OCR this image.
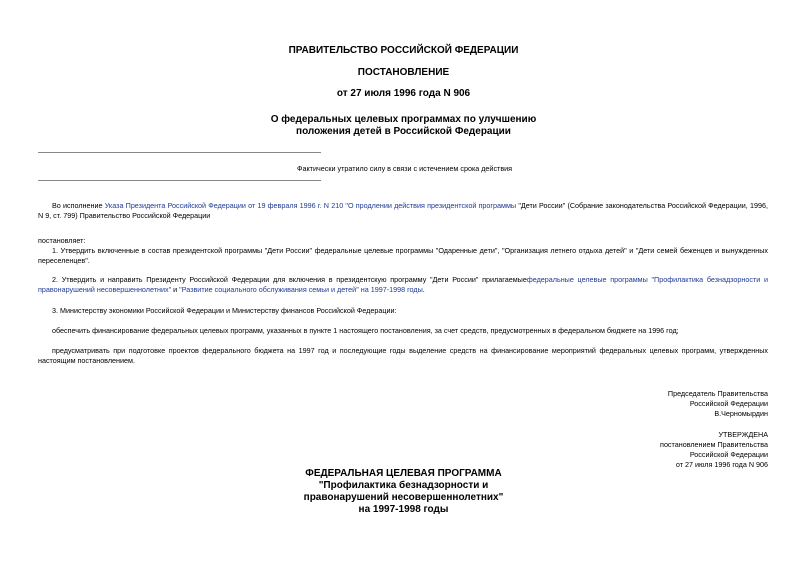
ПРАВИТЕЛЬСТВО РОССИЙСКОЙ ФЕДЕРАЦИИ
ПОСТАНОВЛЕНИЕ
от 27 июля 1996 года N 906
О федеральных целевых программах по улучшению
положения детей в Российской Федерации
Фактически утратило силу в связи с истечением срока действия
Во исполнение Указа Президента Российской Федерации от 19 февраля 1996 г. N 210 "О продлении действия президентской программы "Дети России" (Собрание законодательства Российской Федерации, 1996, N 9, ст. 799) Правительство Российской Федерации
постановляет:
1. Утвердить включенные в состав президентской программы "Дети России" федеральные целевые программы "Одаренные дети", "Организация летнего отдыха детей" и "Дети семей беженцев и вынужденных переселенцев".
2. Утвердить и направить Президенту Российской Федерации для включения в президентскую программу "Дети России" прилагаемыефедеральные целевые программы "Профилактика безнадзорности и правонарушений несовершеннолетних" и "Развитие социального обслуживания семьи и детей" на 1997-1998 годы.
3. Министерству экономики Российской Федерации и Министерству финансов Российской Федерации:
обеспечить финансирование федеральных целевых программ, указанных в пункте 1 настоящего постановления, за счет средств, предусмотренных в федеральном бюджете на 1996 год;
предусматривать при подготовке проектов федерального бюджета на 1997 год и последующие годы выделение средств на финансирование мероприятий федеральных целевых программ, утвержденных настоящим постановлением.
Председатель Правительства
Российской Федерации
В.Черномырдин
УТВЕРЖДЕНА
постановлением Правительства
Российской Федерации
от 27 июля 1996 года N 906
ФЕДЕРАЛЬНАЯ ЦЕЛЕВАЯ ПРОГРАММА
"Профилактика безнадзорности и
правонарушений несовершеннолетних"
на 1997-1998 годы
